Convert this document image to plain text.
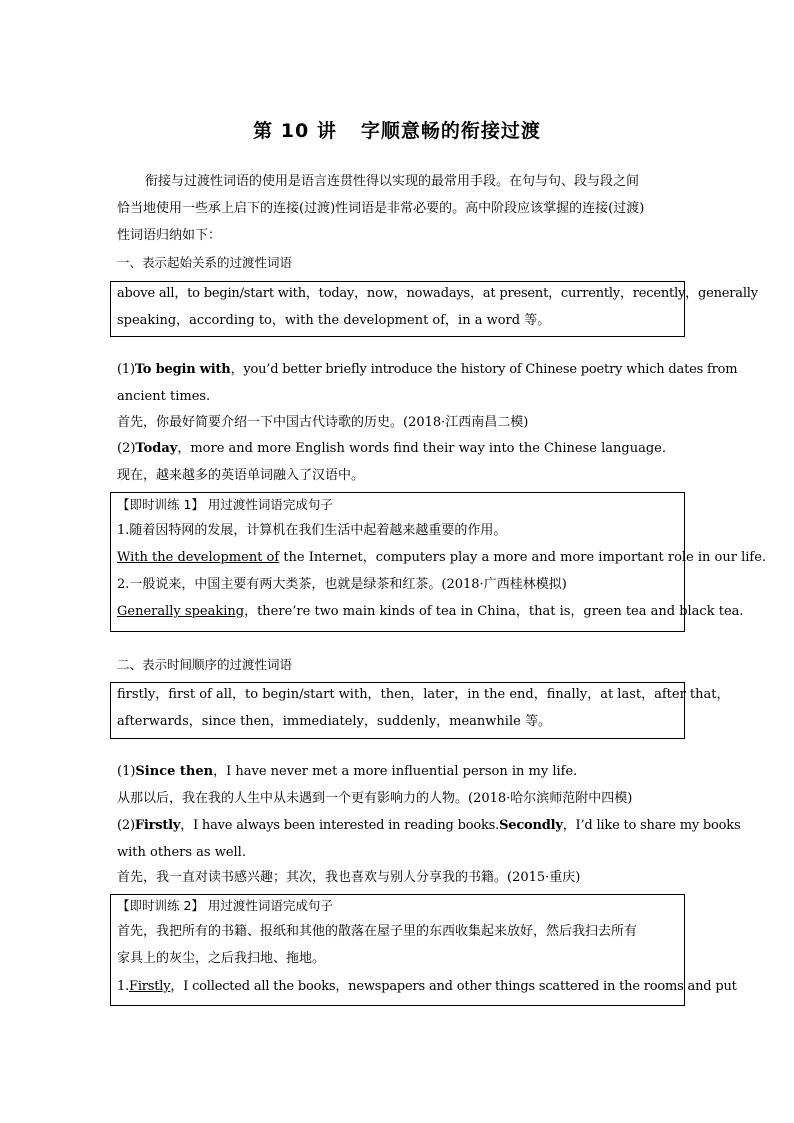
第 10 讲 字顺意畅的衔接过渡
衔接与过渡性词语的使用是语言连贯性得以实现的最常用手段。在句与句、段与段之间
恰当地使用一些承上启下的连接(过渡)性词语是非常必要的。高中阶段应该掌握的连接(过渡)
性词语归纳如下：
一、表示起始关系的过渡性词语
above all，to begin/start with，today，now，nowadays，at present，currently，recently，generally
speaking，according to，with the development of，in a word 等。
(1)To begin with，you’d better briefly introduce the history of Chinese poetry which dates from
ancient times.
首先，你最好简要介绍一下中国古代诗歌的历史。(2018·江西南昌二模)
(2)Today，more and more English words find their way into the Chinese language.
现在，越来越多的英语单词融入了汉语中。
【即时训练 1】 用过渡性词语完成句子
1.随着因特网的发展，计算机在我们生活中起着越来越重要的作用。
With the development of the Internet，computers play a more and more important role in our life.
2.一般说来，中国主要有两大类茶，也就是绿茶和红茶。(2018·广西桂林模拟)
Generally speaking，there’re two main kinds of tea in China，that is，green tea and black tea.
二、表示时间顺序的过渡性词语
firstly，first of all，to begin/start with，then，later，in the end，finally，at last，after that，
afterwards，since then，immediately，suddenly，meanwhile 等。
(1)Since then，I have never met a more influential person in my life.
从那以后，我在我的人生中从未遇到一个更有影响力的人物。(2018·哈尔滨师范附中四模)
(2)Firstly，I have always been interested in reading books.Secondly，I’d like to share my books
with others as well.
首先，我一直对读书感兴趣；其次，我也喜欢与别人分享我的书籍。(2015·重庆)
【即时训练 2】 用过渡性词语完成句子
首先，我把所有的书籍、报纸和其他的散落在屋子里的东西收集起来放好，然后我扫去所有
家具上的灰尘，之后我扫地、拖地。
1.Firstly，I collected all the books，newspapers and other things scattered in the rooms and put
